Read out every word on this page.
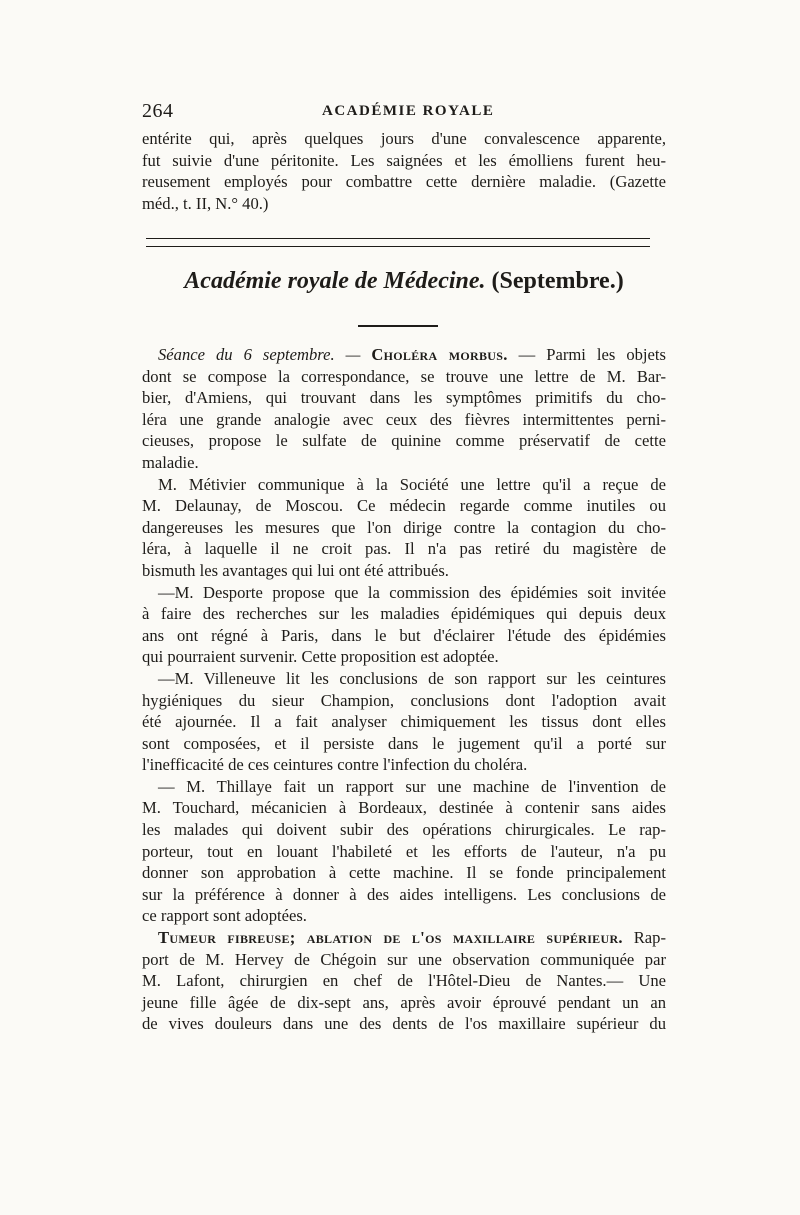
264	ACADÉMIE ROYALE
entérite qui, après quelques jours d'une convalescence apparente,
fut suivie d'une péritonite. Les saignées et les émolliens furent heu-
reusement employés pour combattre cette dernière maladie. (Gazette
méd., t. II, N.° 40.)
Académie royale de Médecine. (Septembre.)
Séance du 6 septembre. — Choléra morbus. — Parmi les objets
dont se compose la correspondance, se trouve une lettre de M. Bar-
bier, d'Amiens, qui trouvant dans les symptômes primitifs du cho-
léra une grande analogie avec ceux des fièvres intermittentes perni-
cieuses, propose le sulfate de quinine comme préservatif de cette
maladie.
M. Métivier communique à la Société une lettre qu'il a reçue de
M. Delaunay, de Moscou. Ce médecin regarde comme inutiles ou
dangereuses les mesures que l'on dirige contre la contagion du cho-
léra, à laquelle il ne croit pas. Il n'a pas retiré du magistère de
bismuth les avantages qui lui ont été attribués.
—M. Desporte propose que la commission des épidémies soit invitée
à faire des recherches sur les maladies épidémiques qui depuis deux
ans ont régné à Paris, dans le but d'éclairer l'étude des épidémies
qui pourraient survenir. Cette proposition est adoptée.
—M. Villeneuve lit les conclusions de son rapport sur les ceintures
hygiéniques du sieur Champion, conclusions dont l'adoption avait
été ajournée. Il a fait analyser chimiquement les tissus dont elles
sont composées, et il persiste dans le jugement qu'il a porté sur
l'inefficacité de ces ceintures contre l'infection du choléra.
— M. Thillaye fait un rapport sur une machine de l'invention de
M. Touchard, mécanicien à Bordeaux, destinée à contenir sans aides
les malades qui doivent subir des opérations chirurgicales. Le rap-
porteur, tout en louant l'habileté et les efforts de l'auteur, n'a pu
donner son approbation à cette machine. Il se fonde principalement
sur la préférence à donner à des aides intelligens. Les conclusions de
ce rapport sont adoptées.
Tumeur fibreuse; ablation de l'os maxillaire supérieur. Rap-
port de M. Hervey de Chégoin sur une observation communiquée par
M. Lafont, chirurgien en chef de l'Hôtel-Dieu de Nantes.— Une
jeune fille âgée de dix-sept ans, après avoir éprouvé pendant un an
de vives douleurs dans une des dents de l'os maxillaire supérieur du
